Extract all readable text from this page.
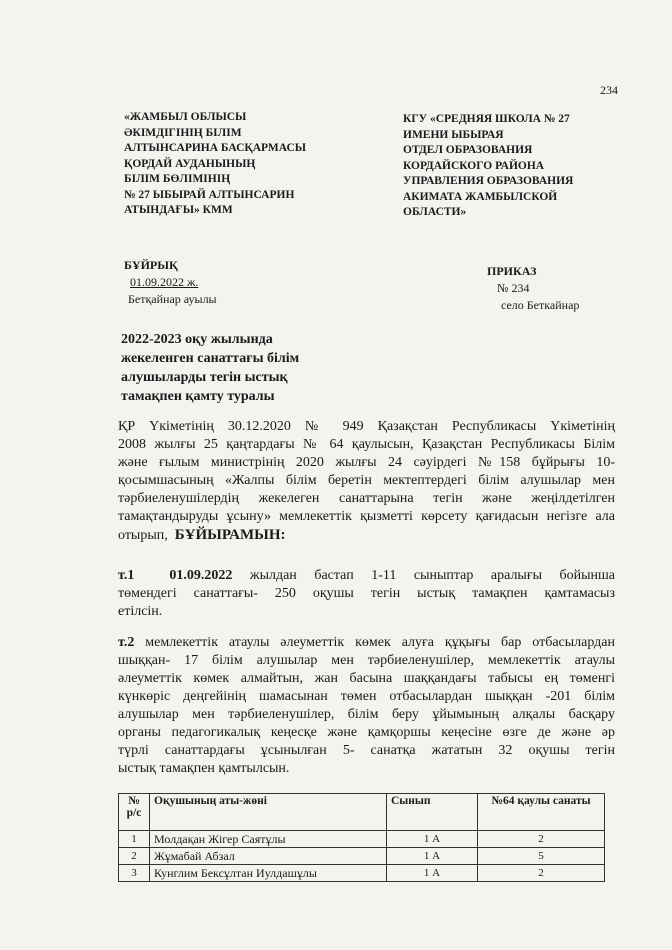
234
«ЖАМБЫЛ ОБЛЫСЫ
ӘКІМДІГІНІҢ БІЛІМ
АЛТЫНСАРИНА БАСҚАРМАСЫ
ҚОРДАЙ АУДАНЫНЫҢ
БІЛІМ БӨЛІМІНІҢ
№ 27 ЫБЫРАЙ АЛТЫНСАРИН
АТЫНДАҒЫ» КММ
КГУ «СРЕДНЯЯ ШКОЛА № 27
ИМЕНИ ЫБЫРАЯ
ОТДЕЛ ОБРАЗОВАНИЯ
КОРДАЙСКОГО РАЙОНА
УПРАВЛЕНИЯ ОБРАЗОВАНИЯ
АКИМАТА ЖАМБЫЛСКОЙ
ОБЛАСТИ»
БҰЙРЫҚ
01.09.2022 ж.
Бетқайнар ауылы
ПРИКАЗ
№ 234
село Беткайнар
2022-2023 оқу жылында
жекеленген санаттағы білім
алушыларды тегін ыстық
тамақпен қамту туралы
ҚР Үкіметінің 30.12.2020 № 949 Қазақстан Республикасы Үкіметінің
2008 жылғы 25 қаңтардағы № 64 қаулысын, Қазақстан Республикасы Білім
және ғылым министрінің 2020 жылғы 24 сәуірдегі №158 бұйрығы 10-
қосымшасының «Жалпы білім беретін мектептердегі білім алушылар мен
тәрбиеленушілердің жекелеген санаттарына тегін және жеңілдетілген
тамақтандыруды ұсыну» мемлекеттік қызметті көрсету қағидасын негізге ала
отырып, БҰЙЫРАМЫН:
т.1	01.09.2022 жылдан бастап 1-11 сыныптар аралығы бойынша
төмендегі санаттағы- 250 оқушы тегін ыстық тамақпен қамтамасыз
етілсін.
т.2 мемлекеттік атаулы әлеуметтік көмек алуға құқығы бар отбасылардан
шыққан- 17 білім алушылар мен тәрбиеленушілер, мемлекеттік атаулы
әлеуметтік көмек алмайтын, жан басына шаққандағы табысы ең төменгі
күнкөріс деңгейінің шамасынан төмен отбасылардан шыққан -201 білім
алушылар мен тәрбиеленушілер, білім беру ұйымының алқалы басқару
органы педагогикалық кеңесқе және қамқоршы кеңесіне өзге де және әр
түрлі санаттардағы ұсынылған 5- санатқа жататын 32 оқушы тегін
ыстық тамақпен қамтылсын.
№ р/с	Оқушының аты-жөні	Сынып	№64 қаулы санаты
1	Молдақан Жігер Саятұлы	1 А	2
2	Жұмабай Абзал	1 А	5
3	Кунглим Бексұлтан Иулдашұлы	1 А	2
